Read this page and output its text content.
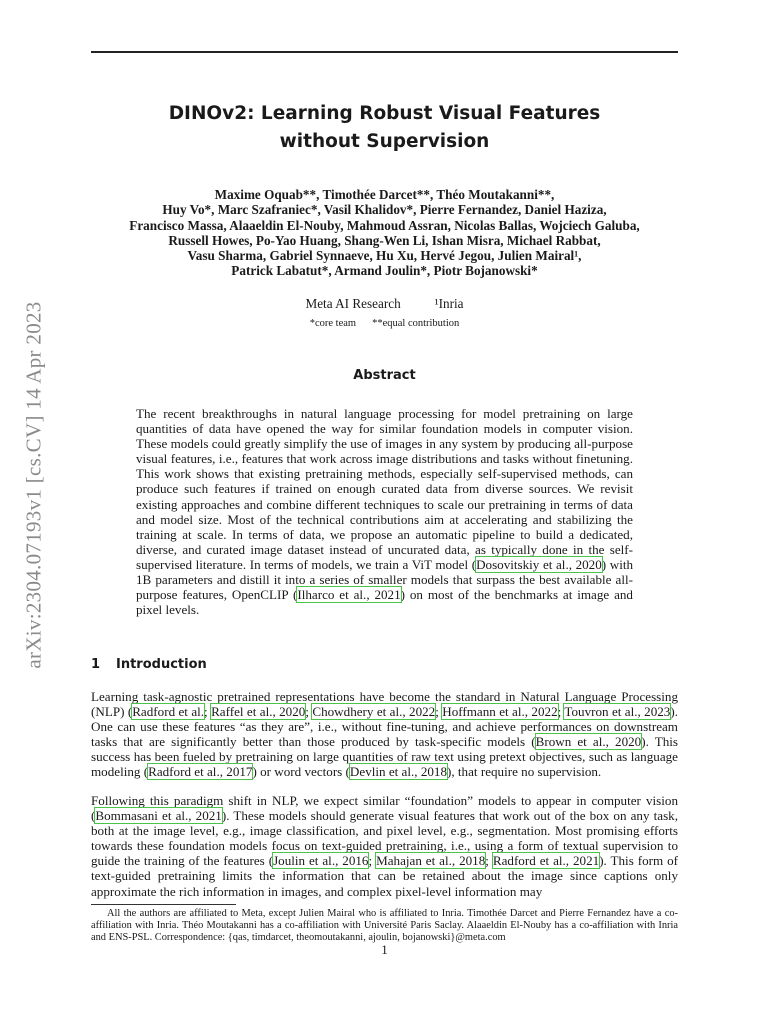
arXiv:2304.07193v1 [cs.CV] 14 Apr 2023
DINOv2: Learning Robust Visual Features
without Supervision
Maxime Oquab**, Timothée Darcet**, Théo Moutakanni**,
Huy Vo*, Marc Szafraniec*, Vasil Khalidov*, Pierre Fernandez, Daniel Haziza,
Francisco Massa, Alaaeldin El-Nouby, Mahmoud Assran, Nicolas Ballas, Wojciech Galuba,
Russell Howes, Po-Yao Huang, Shang-Wen Li, Ishan Misra, Michael Rabbat,
Vasu Sharma, Gabriel Synnaeve, Hu Xu, Hervé Jegou, Julien Mairal¹,
Patrick Labatut*, Armand Joulin*, Piotr Bojanowski*
Meta AI Research	¹Inria
*core team **equal contribution
Abstract
The recent breakthroughs in natural language processing for model pretraining on large quantities of data have opened the way for similar foundation models in computer vision. These models could greatly simplify the use of images in any system by producing all-purpose visual features, i.e., features that work across image distributions and tasks without finetuning. This work shows that existing pretraining methods, especially self-supervised methods, can produce such features if trained on enough curated data from diverse sources. We revisit existing approaches and combine different techniques to scale our pretraining in terms of data and model size. Most of the technical contributions aim at accelerating and stabilizing the training at scale. In terms of data, we propose an automatic pipeline to build a dedicated, diverse, and curated image dataset instead of uncurated data, as typically done in the self-supervised literature. In terms of models, we train a ViT model (Dosovitskiy et al., 2020) with 1B parameters and distill it into a series of smaller models that surpass the best available all-purpose features, OpenCLIP (Ilharco et al., 2021) on most of the benchmarks at image and pixel levels.
1 Introduction
Learning task-agnostic pretrained representations have become the standard in Natural Language Processing (NLP) (Radford et al.; Raffel et al., 2020; Chowdhery et al., 2022; Hoffmann et al., 2022; Touvron et al., 2023). One can use these features “as they are”, i.e., without fine-tuning, and achieve performances on downstream tasks that are significantly better than those produced by task-specific models (Brown et al., 2020). This success has been fueled by pretraining on large quantities of raw text using pretext objectives, such as language modeling (Radford et al., 2017) or word vectors (Devlin et al., 2018), that require no supervision.
Following this paradigm shift in NLP, we expect similar “foundation” models to appear in computer vision (Bommasani et al., 2021). These models should generate visual features that work out of the box on any task, both at the image level, e.g., image classification, and pixel level, e.g., segmentation. Most promising efforts towards these foundation models focus on text-guided pretraining, i.e., using a form of textual supervision to guide the training of the features (Joulin et al., 2016; Mahajan et al., 2018; Radford et al., 2021). This form of text-guided pretraining limits the information that can be retained about the image since captions only approximate the rich information in images, and complex pixel-level information may
All the authors are affiliated to Meta, except Julien Mairal who is affiliated to Inria. Timothée Darcet and Pierre Fernandez have a co-affiliation with Inria. Théo Moutakanni has a co-affiliation with Université Paris Saclay. Alaaeldin El-Nouby has a co-affiliation with Inria and ENS-PSL. Correspondence: {qas, timdarcet, theomoutakanni, ajoulin, bojanowski}@meta.com
1
